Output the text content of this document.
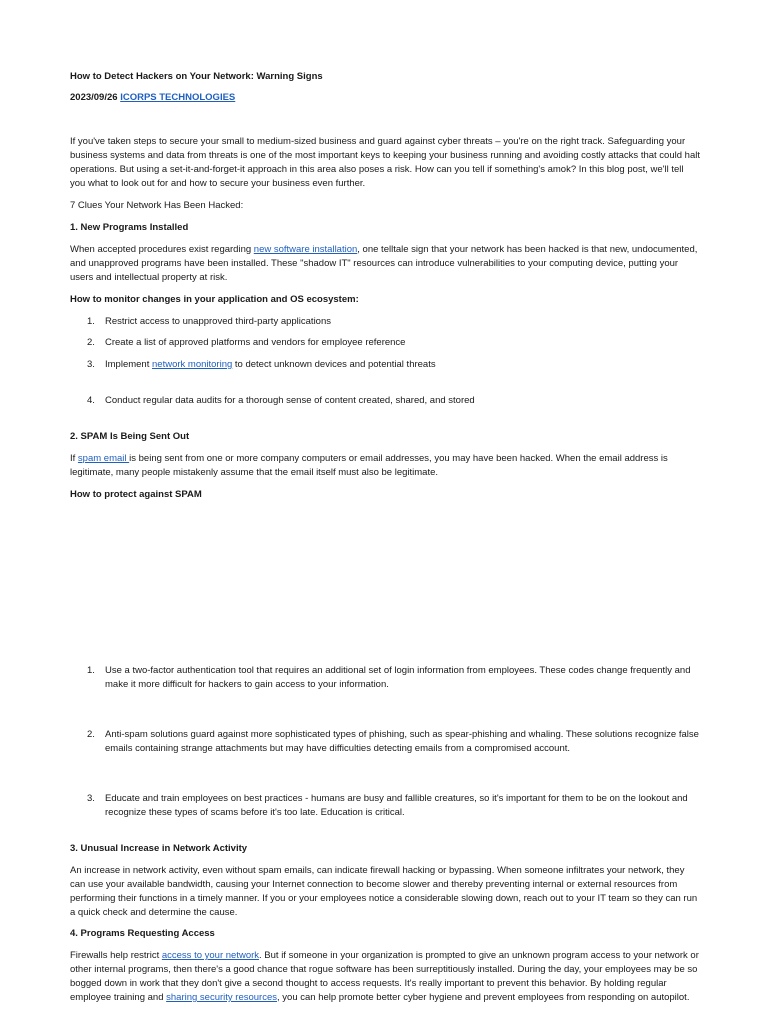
How to Detect Hackers on Your Network: Warning Signs

2023/09/26 ICORPS TECHNOLOGIES

If you've taken steps to secure your small to medium-sized business and guard against cyber threats – you're on the right track. Safeguarding your business systems and data from threats is one of the most important keys to keeping your business running and avoiding costly attacks that could halt operations. But using a set-it-and-forget-it approach in this area also poses a risk. How can you tell if something's amok? In this blog post, we'll tell you what to look out for and how to secure your business even further.

7 Clues Your Network Has Been Hacked:

1. New Programs Installed

When accepted procedures exist regarding new software installation, one telltale sign that your network has been hacked is that new, undocumented, and unapproved programs have been installed. These "shadow IT" resources can introduce vulnerabilities to your computing device, putting your users and intellectual property at risk.

How to monitor changes in your application and OS ecosystem:

1.	Restrict access to unapproved third-party applications
2.	Create a list of approved platforms and vendors for employee reference
3.	Implement network monitoring to detect unknown devices and potential threats
4.	Conduct regular data audits for a thorough sense of content created, shared, and stored

2. SPAM Is Being Sent Out

If spam email is being sent from one or more company computers or email addresses, you may have been hacked. When the email address is legitimate, many people mistakenly assume that the email itself must also be legitimate.

How to protect against SPAM

1.	Use a two-factor authentication tool that requires an additional set of login information from employees. These codes change frequently and make it more difficult for hackers to gain access to your information.
2.	Anti-spam solutions guard against more sophisticated types of phishing, such as spear-phishing and whaling. These solutions recognize false emails containing strange attachments but may have difficulties detecting emails from a compromised account.
3.	Educate and train employees on best practices - humans are busy and fallible creatures, so it's important for them to be on the lookout and recognize these types of scams before it's too late. Education is critical.

3. Unusual Increase in Network Activity

An increase in network activity, even without spam emails, can indicate firewall hacking or bypassing. When someone infiltrates your network, they can use your available bandwidth, causing your Internet connection to become slower and thereby preventing internal or external resources from performing their functions in a timely manner. If you or your employees notice a considerable slowing down, reach out to your IT team so they can run a quick check and determine the cause.

4. Programs Requesting Access

Firewalls help restrict access to your network. But if someone in your organization is prompted to give an unknown program access to your network or other internal programs, then there's a good chance that rogue software has been surreptitiously installed. During the day, your employees may be so bogged down in work that they don't give a second thought to access requests. It's really important to prevent this behavior. By holding regular employee training and sharing security resources, you can help promote better cyber hygiene and prevent employees from responding on autopilot.
